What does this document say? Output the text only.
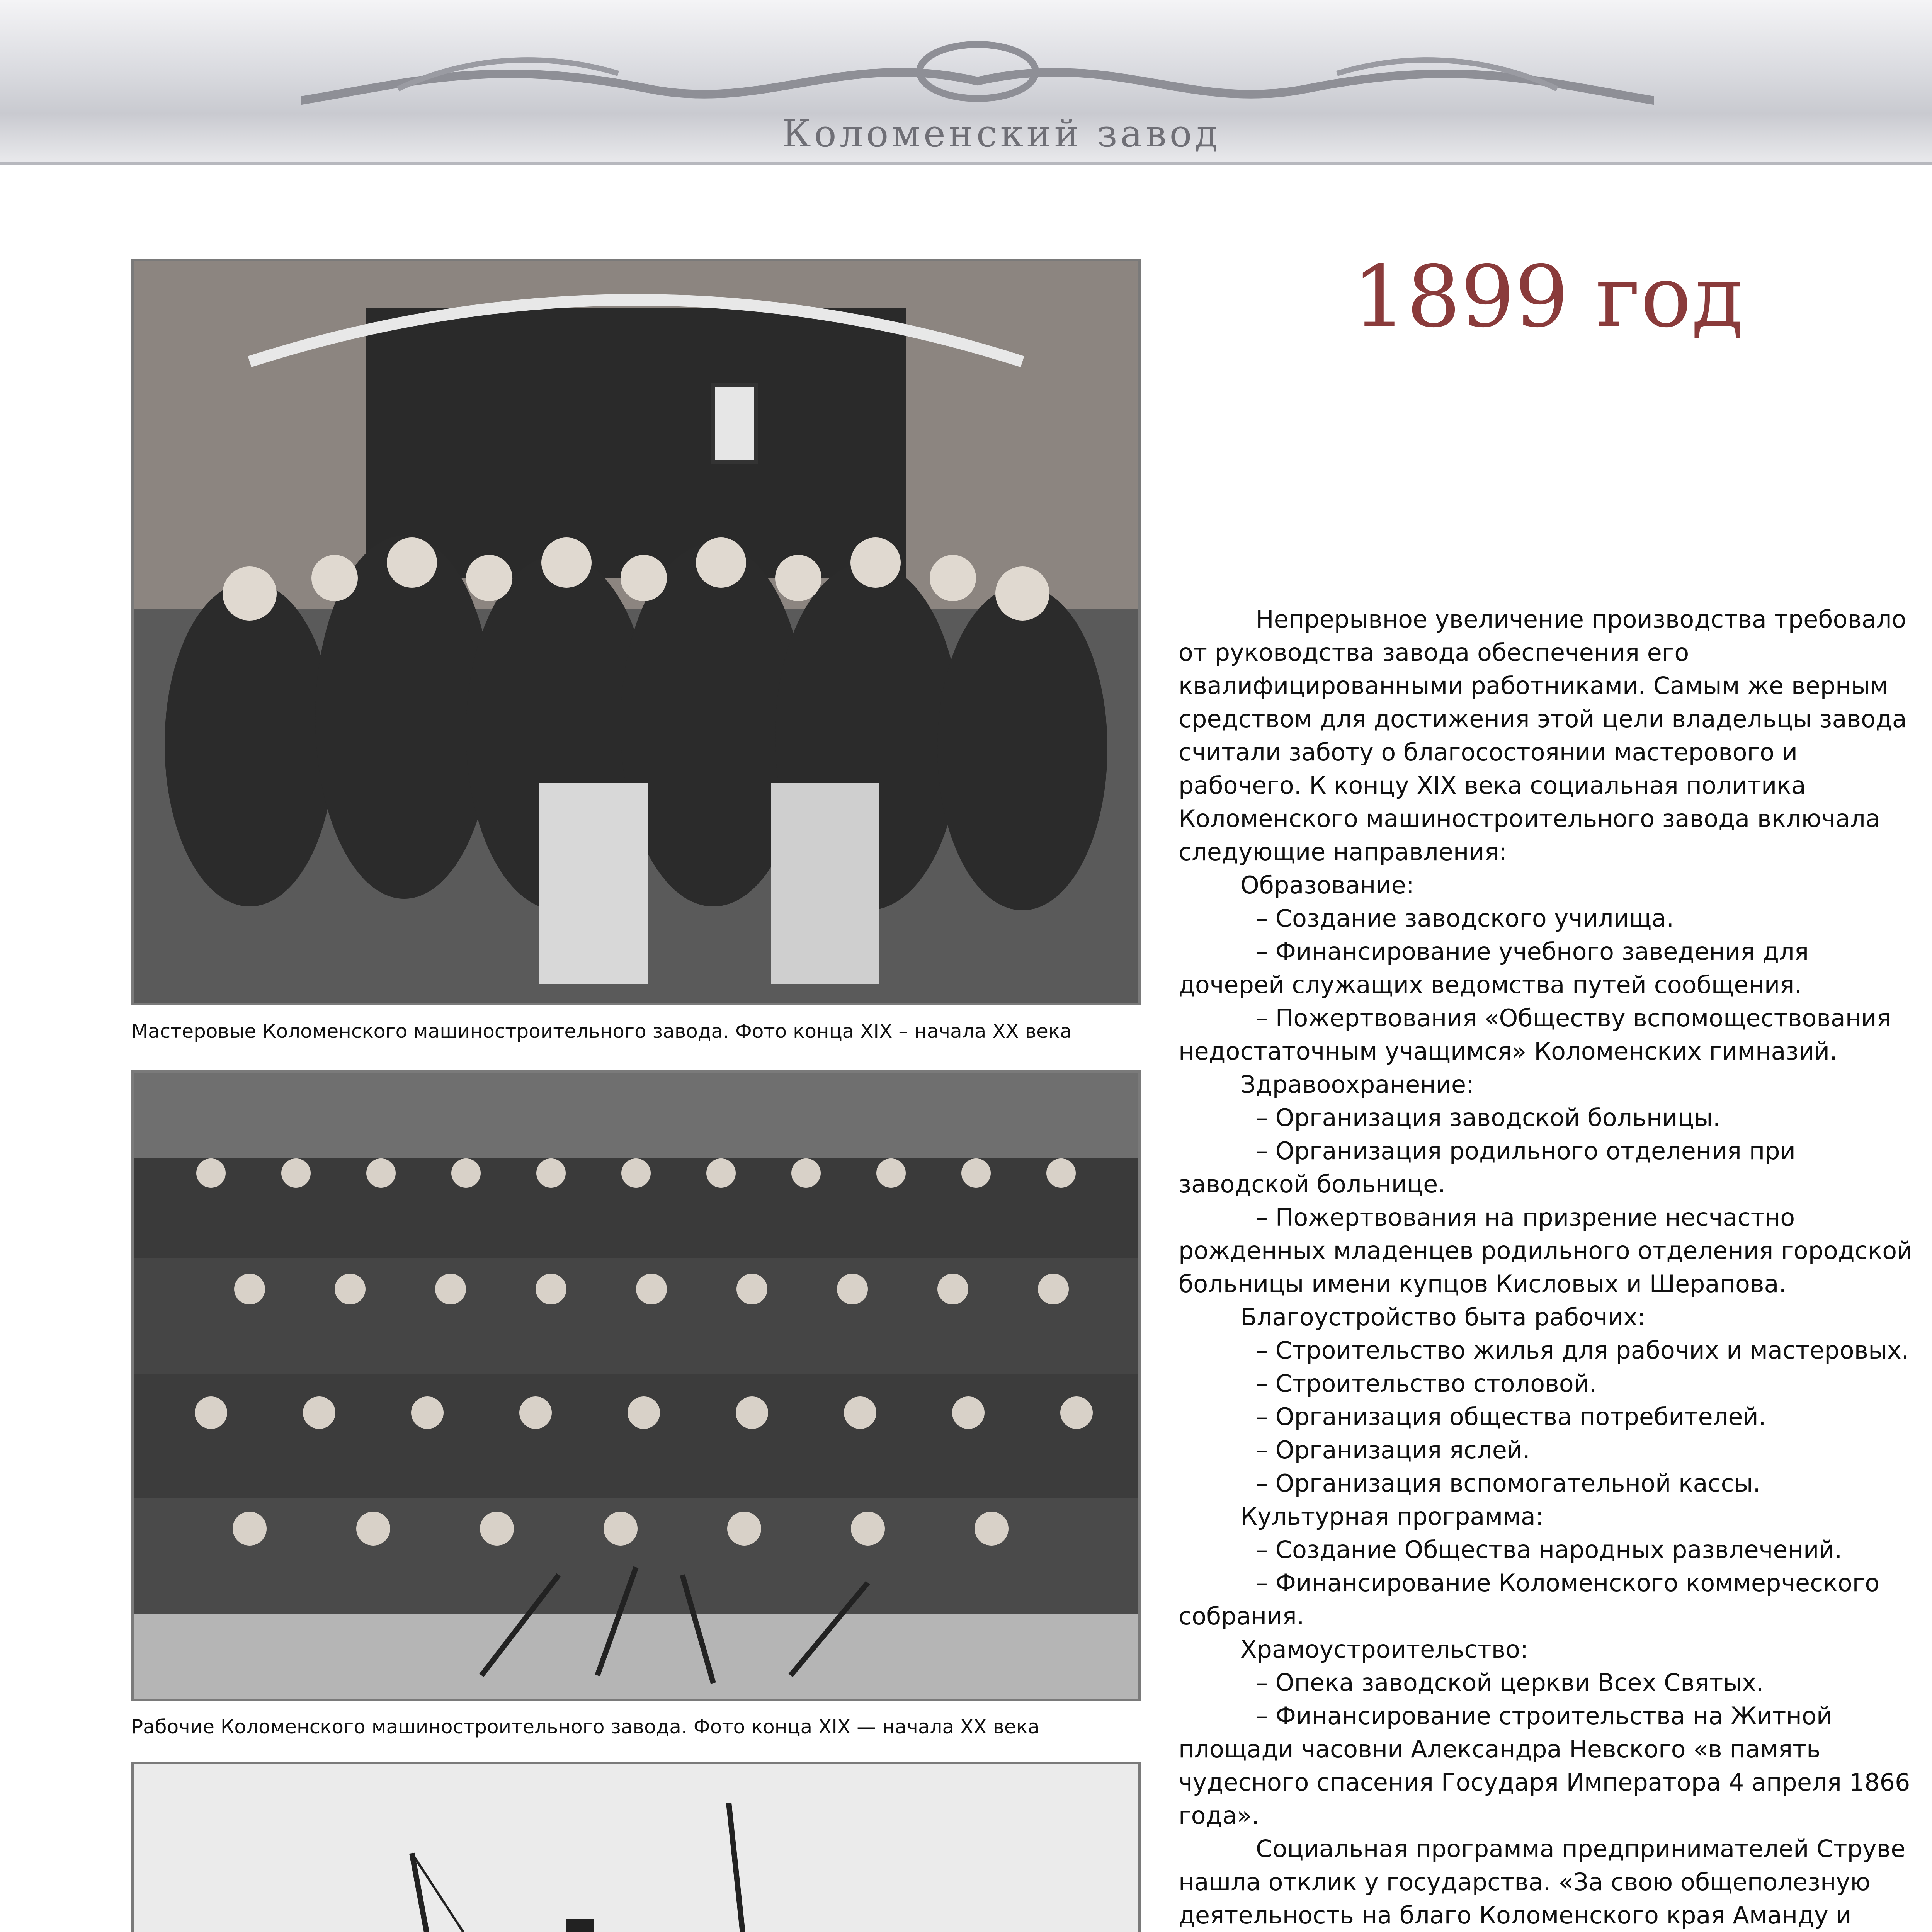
Коломенский завод
Мастеровые Коломенского машиностроительного завода. Фото конца XIX – начала XX века
Рабочие Коломенского машиностроительного завода. Фото конца XIX — начала XX века
1899 год

Непрерывное увеличение производства требовало от руководства завода обеспечения его квалифицированными работниками. Самым же верным средством для достижения этой цели владельцы завода считали заботу о благосостоянии мастерового и рабочего. К концу XIX века социальная политика Коломенского машиностроительного завода включала следующие направления:

Образование:

– Создание заводского училища.

– Финансирование учебного заведения для дочерей служащих ведомства путей сообщения.

– Пожертвования «Обществу вспомоществования недостаточным учащимся» Коломенских гимназий.

Здравоохранение:

– Организация заводской больницы.

– Организация родильного отделения при заводской больнице.

– Пожертвования на призрение несчастно рожденных младенцев родильного отделения городской больницы имени купцов Кисловых и Шерапова.

Благоустройство быта рабочих:

– Строительство жилья для рабочих и мастеровых.

– Строительство столовой.

– Организация общества потребителей.

– Организация яслей.

– Организация вспомогательной кассы.

Культурная программа:

– Создание Общества народных развлечений.

– Финансирование Коломенского коммерческого собрания.

Храмоустроительство:

– Опека заводской церкви Всех Святых.

– Финансирование строительства на Житной площади часовни Александра Невского «в память чудесного спасения Государя Императора 4 апреля 1866 года».

Социальная программа предпринимателей Струве нашла отклик у государства. «За свою общеполезную деятельность на благо Коломенского края Аманду и
